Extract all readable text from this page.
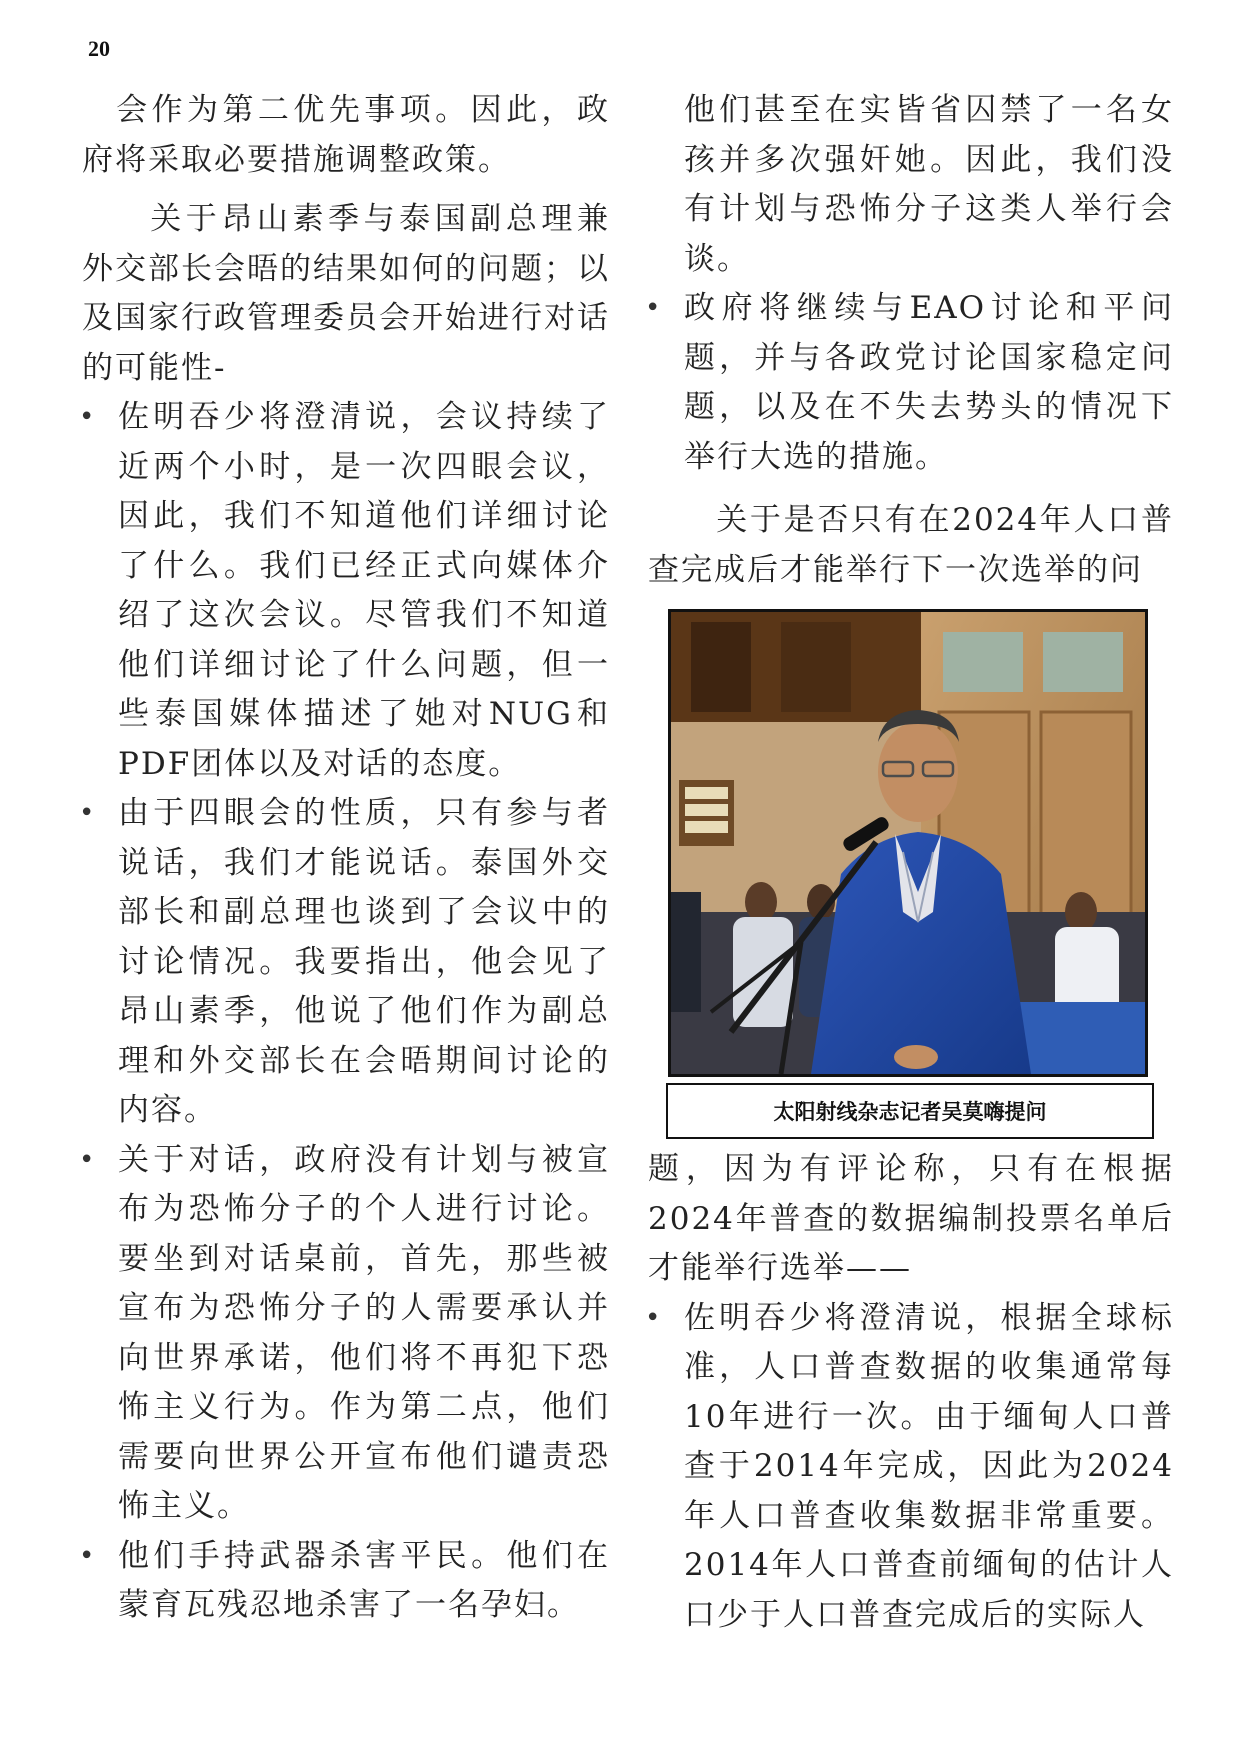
20

会作为第二优先事项。因此，政府将采取必要措施调整政策。

关于昂山素季与泰国副总理兼外交部长会晤的结果如何的问题；以及国家行政管理委员会开始进行对话的可能性-

• 佐明吞少将澄清说，会议持续了近两个小时，是一次四眼会议，因此，我们不知道他们详细讨论了什么。我们已经正式向媒体介绍了这次会议。尽管我们不知道他们详细讨论了什么问题，但一些泰国媒体描述了她对NUG和PDF团体以及对话的态度。

• 由于四眼会的性质，只有参与者说话，我们才能说话。泰国外交部长和副总理也谈到了会议中的讨论情况。我要指出，他会见了昂山素季，他说了他们作为副总理和外交部长在会晤期间讨论的内容。

• 关于对话，政府没有计划与被宣布为恐怖分子的个人进行讨论。要坐到对话桌前，首先，那些被宣布为恐怖分子的人需要承认并向世界承诺，他们将不再犯下恐怖主义行为。作为第二点，他们需要向世界公开宣布他们谴责恐怖主义。

• 他们手持武器杀害平民。他们在蒙育瓦残忍地杀害了一名孕妇。

他们甚至在实皆省囚禁了一名女孩并多次强奸她。因此，我们没有计划与恐怖分子这类人举行会谈。

• 政府将继续与EAO讨论和平问题，并与各政党讨论国家稳定问题，以及在不失去势头的情况下举行大选的措施。

关于是否只有在2024年人口普查完成后才能举行下一次选举的问

太阳射线杂志记者吴莫嗨提问

题，因为有评论称，只有在根据2024年普查的数据编制投票名单后才能举行选举——

• 佐明吞少将澄清说，根据全球标准，人口普查数据的收集通常每10年进行一次。由于缅甸人口普查于2014年完成，因此为2024年人口普查收集数据非常重要。2014年人口普查前缅甸的估计人口少于人口普查完成后的实际人
